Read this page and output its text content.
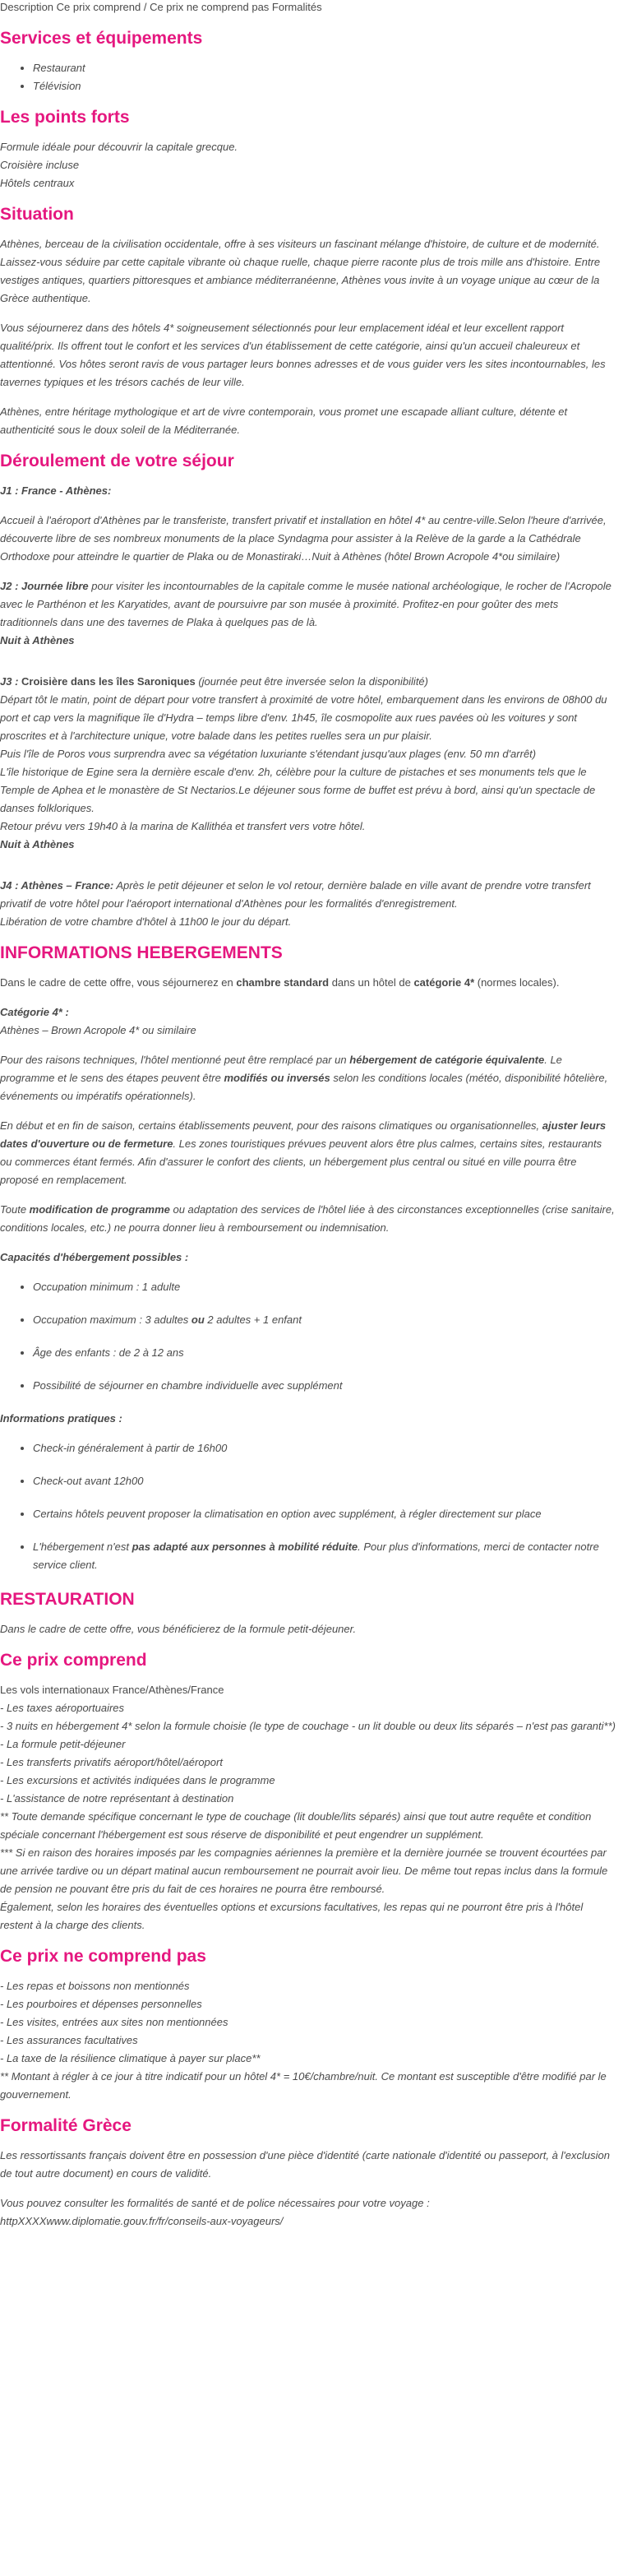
Description Ce prix comprend / Ce prix ne comprend pas Formalités
Services et équipements
• Restaurant
• Télévision
Les points forts

Formule idéale pour découvrir la capitale grecque.
Croisière incluse
Hôtels centraux

Situation

Athènes, berceau de la civilisation occidentale, offre à ses visiteurs un fascinant mélange d'histoire, de culture et de modernité. Laissez-vous séduire par cette capitale vibrante où chaque ruelle, chaque pierre raconte plus de trois mille ans d'histoire. Entre vestiges antiques, quartiers pittoresques et ambiance méditerranéenne, Athènes vous invite à un voyage unique au cœur de la Grèce authentique.

Vous séjournerez dans des hôtels 4* soigneusement sélectionnés pour leur emplacement idéal et leur excellent rapport qualité/prix. Ils offrent tout le confort et les services d'un établissement de cette catégorie, ainsi qu'un accueil chaleureux et attentionné. Vos hôtes seront ravis de vous partager leurs bonnes adresses et de vous guider vers les sites incontournables, les tavernes typiques et les trésors cachés de leur ville.

Athènes, entre héritage mythologique et art de vivre contemporain, vous promet une escapade alliant culture, détente et authenticité sous le doux soleil de la Méditerranée.

Déroulement de votre séjour

J1 : France - Athènes:

Accueil à l'aéroport d'Athènes par le transferiste, transfert privatif et installation en hôtel 4* au centre-ville.Selon l'heure d'arrivée, découverte libre de ses nombreux monuments de la place Syndagma pour assister à la Relève de la garde a la Cathédrale Orthodoxe pour atteindre le quartier de Plaka ou de Monastiraki…Nuit à Athènes (hôtel Brown Acropole 4*ou similaire)

J2 : Journée libre pour visiter les incontournables de la capitale comme le musée national archéologique, le rocher de l'Acropole avec le Parthénon et les Karyatides, avant de poursuivre par son musée à proximité. Profitez-en pour goûter des mets traditionnels dans une des tavernes de Plaka à quelques pas de là.

Nuit à Athènes

J3 : Croisière dans les îles Saroniques (journée peut être inversée selon la disponibilité)
Départ tôt le matin, point de départ pour votre transfert à proximité de votre hôtel, embarquement dans les environs de 08h00 du port et cap vers la magnifique île d'Hydra – temps libre d'env. 1h45, île cosmopolite aux rues pavées où les voitures y sont proscrites et à l'architecture unique, votre balade dans les petites ruelles sera un pur plaisir.
Puis l'île de Poros vous surprendra avec sa végétation luxuriante s'étendant jusqu'aux plages (env. 50 mn d'arrêt)
L'île historique de Egine sera la dernière escale d'env. 2h, célèbre pour la culture de pistaches et ses monuments tels que le Temple de Aphea et le monastère de St Nectarios.Le déjeuner sous forme de buffet est prévu à bord, ainsi qu'un spectacle de danses folkloriques.
Retour prévu vers 19h40 à la marina de Kallithéa et transfert vers votre hôtel.

Nuit à Athènes

J4 : Athènes – France: Après le petit déjeuner et selon le vol retour, dernière balade en ville avant de prendre votre transfert privatif de votre hôtel pour l'aéroport international d'Athènes pour les formalités d'enregistrement.
Libération de votre chambre d'hôtel à 11h00 le jour du départ.

INFORMATIONS HEBERGEMENTS

Dans le cadre de cette offre, vous séjournerez en chambre standard dans un hôtel de catégorie 4* (normes locales).

Catégorie 4* :
Athènes – Brown Acropole 4* ou similaire

Pour des raisons techniques, l'hôtel mentionné peut être remplacé par un hébergement de catégorie équivalente. Le programme et le sens des étapes peuvent être modifiés ou inversés selon les conditions locales (météo, disponibilité hôtelière, événements ou impératifs opérationnels).

En début et en fin de saison, certains établissements peuvent, pour des raisons climatiques ou organisationnelles, ajuster leurs dates d'ouverture ou de fermeture. Les zones touristiques prévues peuvent alors être plus calmes, certains sites, restaurants ou commerces étant fermés. Afin d'assurer le confort des clients, un hébergement plus central ou situé en ville pourra être proposé en remplacement.

Toute modification de programme ou adaptation des services de l'hôtel liée à des circonstances exceptionnelles (crise sanitaire, conditions locales, etc.) ne pourra donner lieu à remboursement ou indemnisation.

Capacités d'hébergement possibles :

• Occupation minimum : 1 adulte
• Occupation maximum : 3 adultes ou 2 adultes + 1 enfant
• Âge des enfants : de 2 à 12 ans
• Possibilité de séjourner en chambre individuelle avec supplément

Informations pratiques :

• Check-in généralement à partir de 16h00
• Check-out avant 12h00
• Certains hôtels peuvent proposer la climatisation en option avec supplément, à régler directement sur place
• L'hébergement n'est pas adapté aux personnes à mobilité réduite. Pour plus d'informations, merci de contacter notre service client.
RESTAURATION

Dans le cadre de cette offre, vous bénéficierez de la formule petit-déjeuner.

Ce prix comprend

Les vols internationaux France/Athènes/France
- Les taxes aéroportuaires
- 3 nuits en hébergement 4* selon la formule choisie (le type de couchage - un lit double ou deux lits séparés – n'est pas garanti**)
- La formule petit-déjeuner
- Les transferts privatifs aéroport/hôtel/aéroport
- Les excursions et activités indiquées dans le programme
- L'assistance de notre représentant à destination
** Toute demande spécifique concernant le type de couchage (lit double/lits séparés) ainsi que tout autre requête et condition spéciale concernant l'hébergement est sous réserve de disponibilité et peut engendrer un supplément.
*** Si en raison des horaires imposés par les compagnies aériennes la première et la dernière journée se trouvent écourtées par une arrivée tardive ou un départ matinal aucun remboursement ne pourrait avoir lieu. De même tout repas inclus dans la formule de pension ne pouvant être pris du fait de ces horaires ne pourra être remboursé.
Également, selon les horaires des éventuelles options et excursions facultatives, les repas qui ne pourront être pris à l'hôtel restent à la charge des clients.

Ce prix ne comprend pas

- Les repas et boissons non mentionnés
- Les pourboires et dépenses personnelles
- Les visites, entrées aux sites non mentionnées
- Les assurances facultatives
- La taxe de la résilience climatique à payer sur place**
** Montant à régler à ce jour à titre indicatif pour un hôtel 4* = 10€/chambre/nuit. Ce montant est susceptible d'être modifié par le gouvernement.

Formalité Grèce

Les ressortissants français doivent être en possession d'une pièce d'identité (carte nationale d'identité ou passeport, à l'exclusion de tout autre document) en cours de validité.

Vous pouvez consulter les formalités de santé et de police nécessaires pour votre voyage :
httpXXXXwww.diplomatie.gouv.fr/fr/conseils-aux-voyageurs/
